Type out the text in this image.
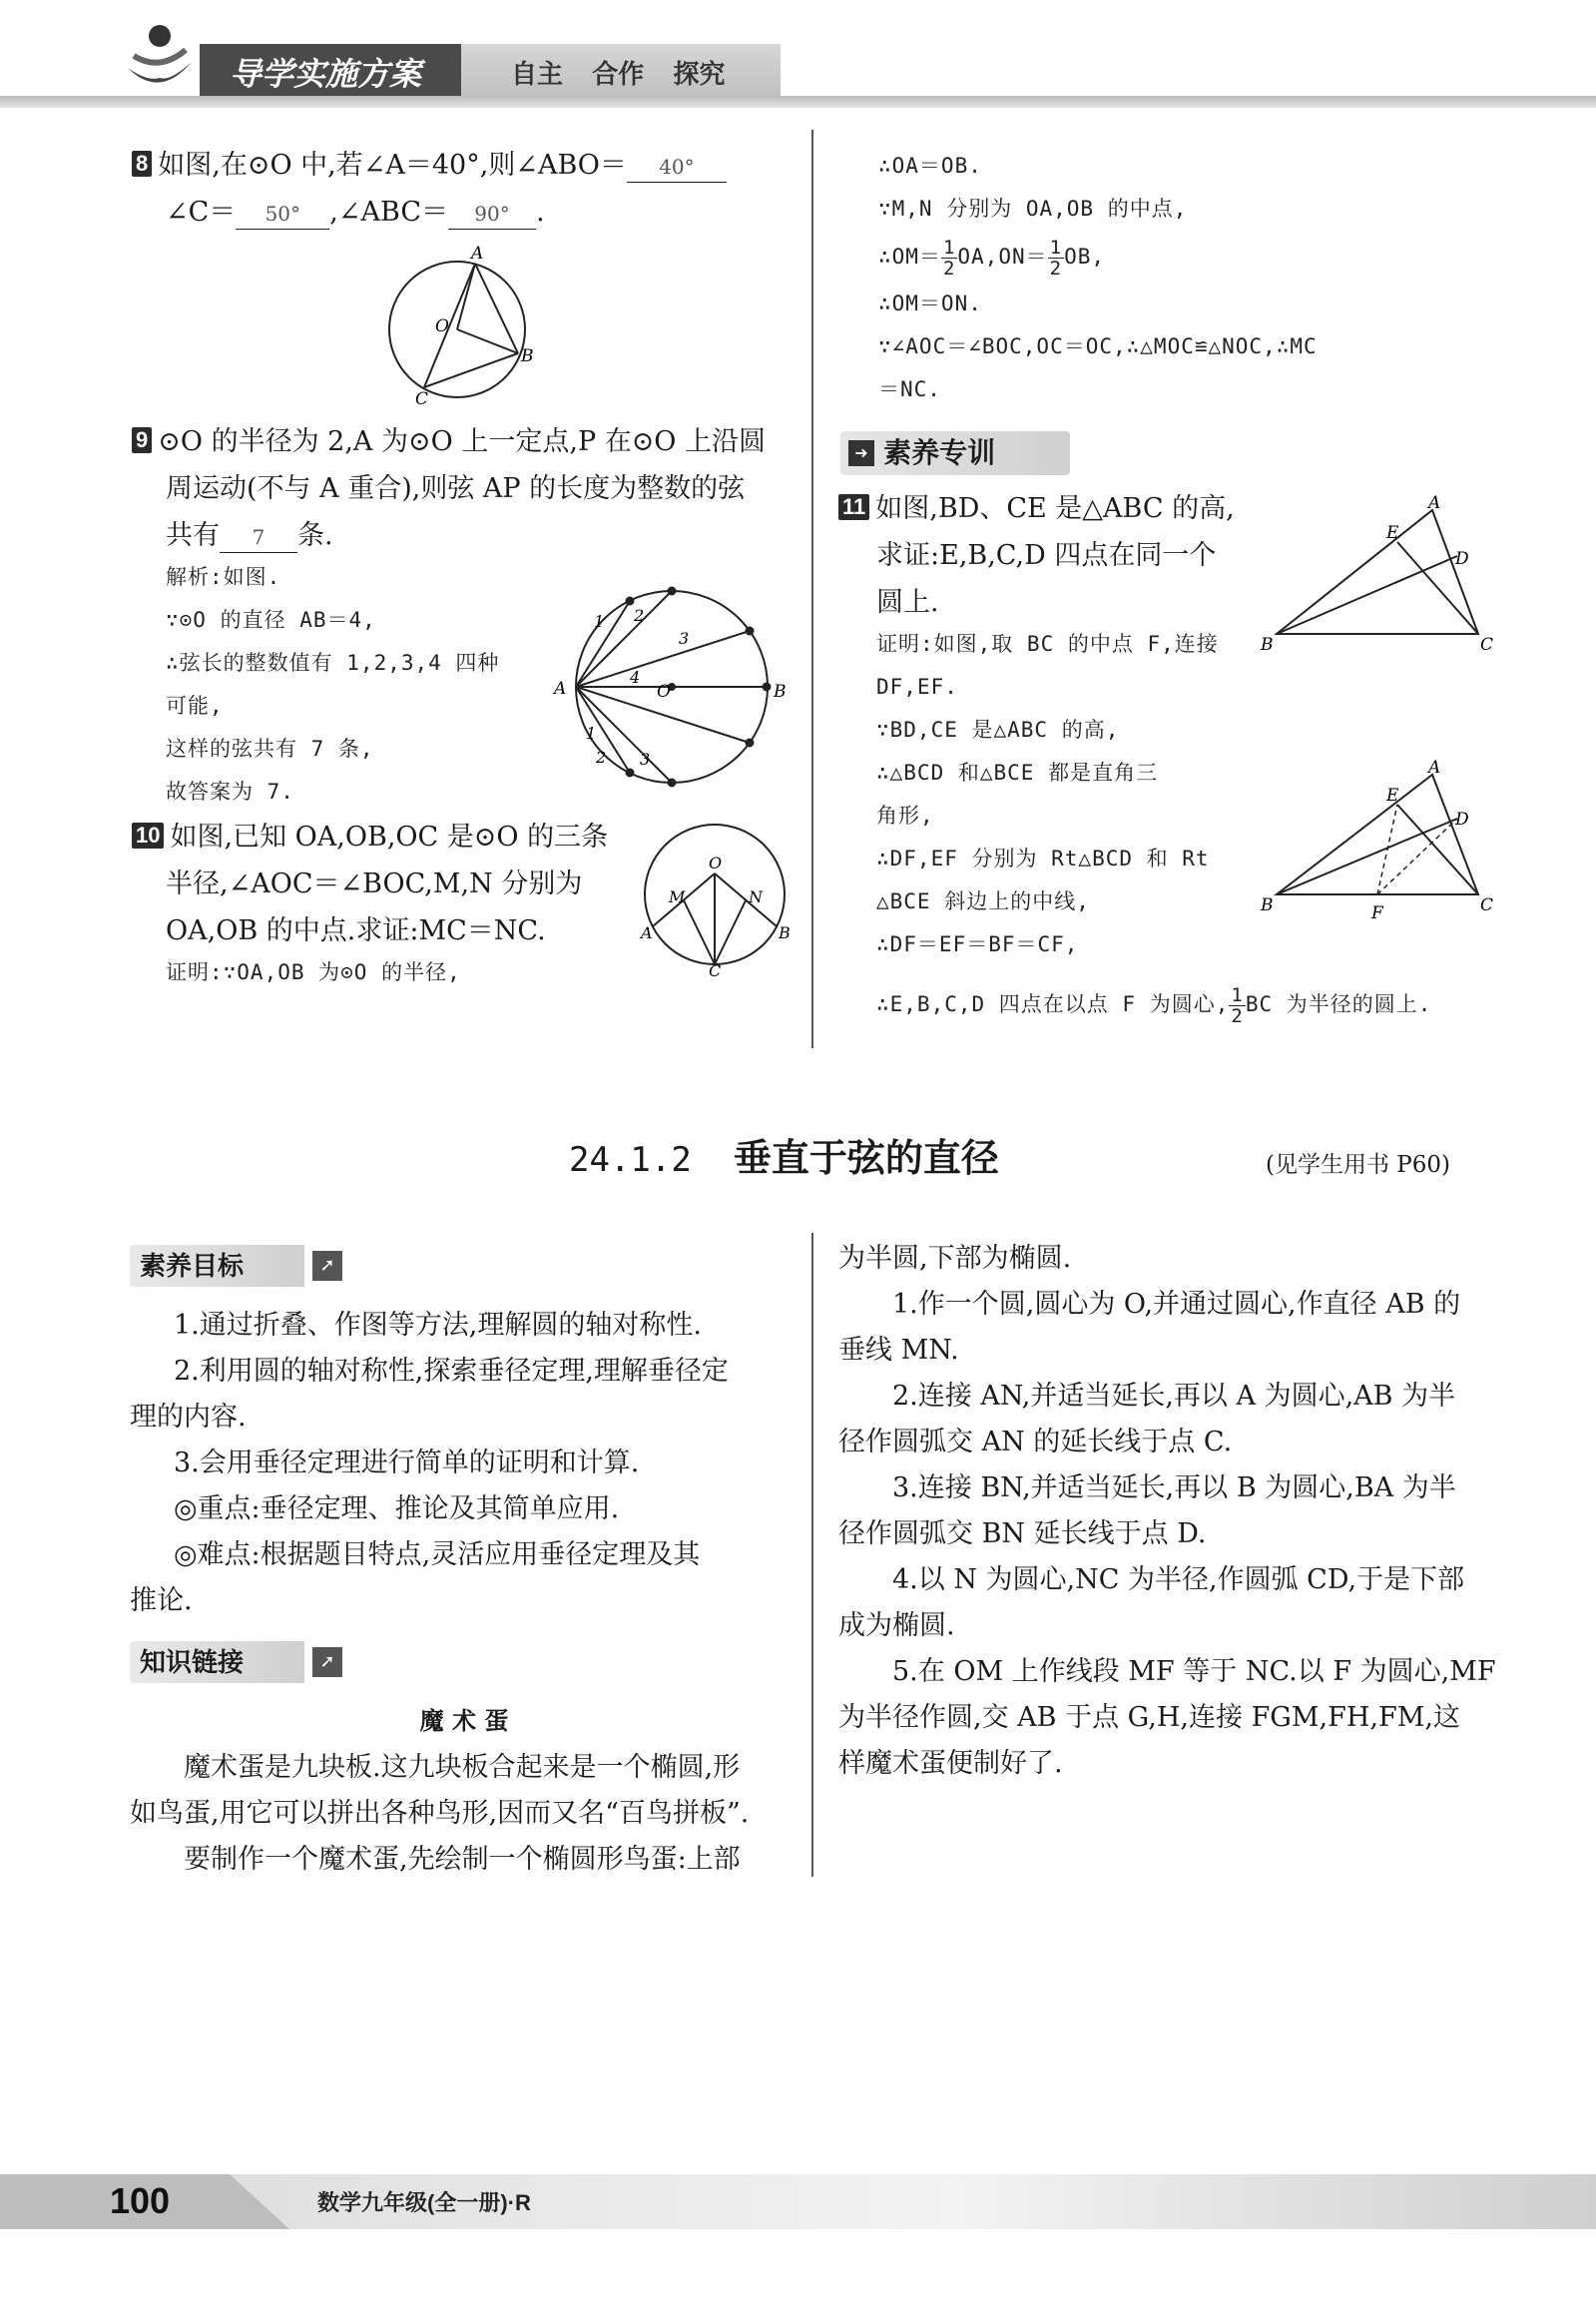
导学实施方案	自主 合作 探究
8 如图,在⊙O 中,若∠A＝40°,则∠ABO＝ 40°
∠C＝ 50° ,∠ABC＝ 90° .
A
O
B
C
9 ⊙O 的半径为 2,A 为⊙O 上一定点,P 在⊙O 上沿圆
周运动(不与 A 重合),则弦 AP 的长度为整数的弦
共有 7 条.
解析:如图.
∵⊙O 的直径 AB＝4,
∴弦长的整数值有 1,2,3,4 四种
可能,
这样的弦共有 7 条,
故答案为 7.
A	B
O
1 2
3
4
1
2 3
10 如图,已知 OA,OB,OC 是⊙O 的三条
半径,∠AOC＝∠BOC,M,N 分别为
OA,OB 的中点.求证:MC＝NC.
证明:∵OA,OB 为⊙O 的半径,
O
M	N
A	B
C
∴OA＝OB.
∵M,N 分别为 OA,OB 的中点,
∴OM＝ $\frac{1}{2} OA,ON= \frac{1}{2}$ OB,
∴OM＝ON.
∵∠AOC＝∠BOC,OC＝OC,∴△MOC≌△NOC,∴MC
＝NC.
➜ 素养专训
11 如图,BD、CE 是△ABC 的高,
求证:E,B,C,D 四点在同一个
圆上.
证明:如图,取 BC 的中点 F,连接
DF,EF.
∵BD,CE 是△ABC 的高,
∴△BCD 和△BCE 都是直角三
角形,
∴DF,EF 分别为 Rt△BCD 和 Rt
△BCE 斜边上的中线,
∴DF＝EF＝BF＝CF,
∴E,B,C,D 四点在以点 F 为圆心, $\frac{1}{2}$ BC 为半径的圆上.
A
E
D
B	C
A
E
D
B	C
F
24.1.2 垂直于弦的直径	(见学生用书 P60)
素养目标	➚
1.通过折叠、作图等方法,理解圆的轴对称性.
2.利用圆的轴对称性,探索垂径定理,理解垂径定
理的内容.
3.会用垂径定理进行简单的证明和计算.
◎重点:垂径定理、推论及其简单应用.
◎难点:根据题目特点,灵活应用垂径定理及其
推论.
知识链接	➚
魔 术 蛋
魔术蛋是九块板.这九块板合起来是一个椭圆,形
如鸟蛋,用它可以拼出各种鸟形,因而又名“百鸟拼板”.
要制作一个魔术蛋,先绘制一个椭圆形鸟蛋:上部
为半圆,下部为椭圆.
1.作一个圆,圆心为 O,并通过圆心,作直径 AB 的
垂线 MN.
2.连接 AN,并适当延长,再以 A 为圆心,AB 为半
径作圆弧交 AN 的延长线于点 C.
3.连接 BN,并适当延长,再以 B 为圆心,BA 为半
径作圆弧交 BN 延长线于点 D.
4.以 N 为圆心,NC 为半径,作圆弧 CD,于是下部
成为椭圆.
5.在 OM 上作线段 MF 等于 NC.以 F 为圆心,MF
为半径作圆,交 AB 于点 G,H,连接 FGM,FH,FM,这
样魔术蛋便制好了.
100	数学九年级(全一册)·R
